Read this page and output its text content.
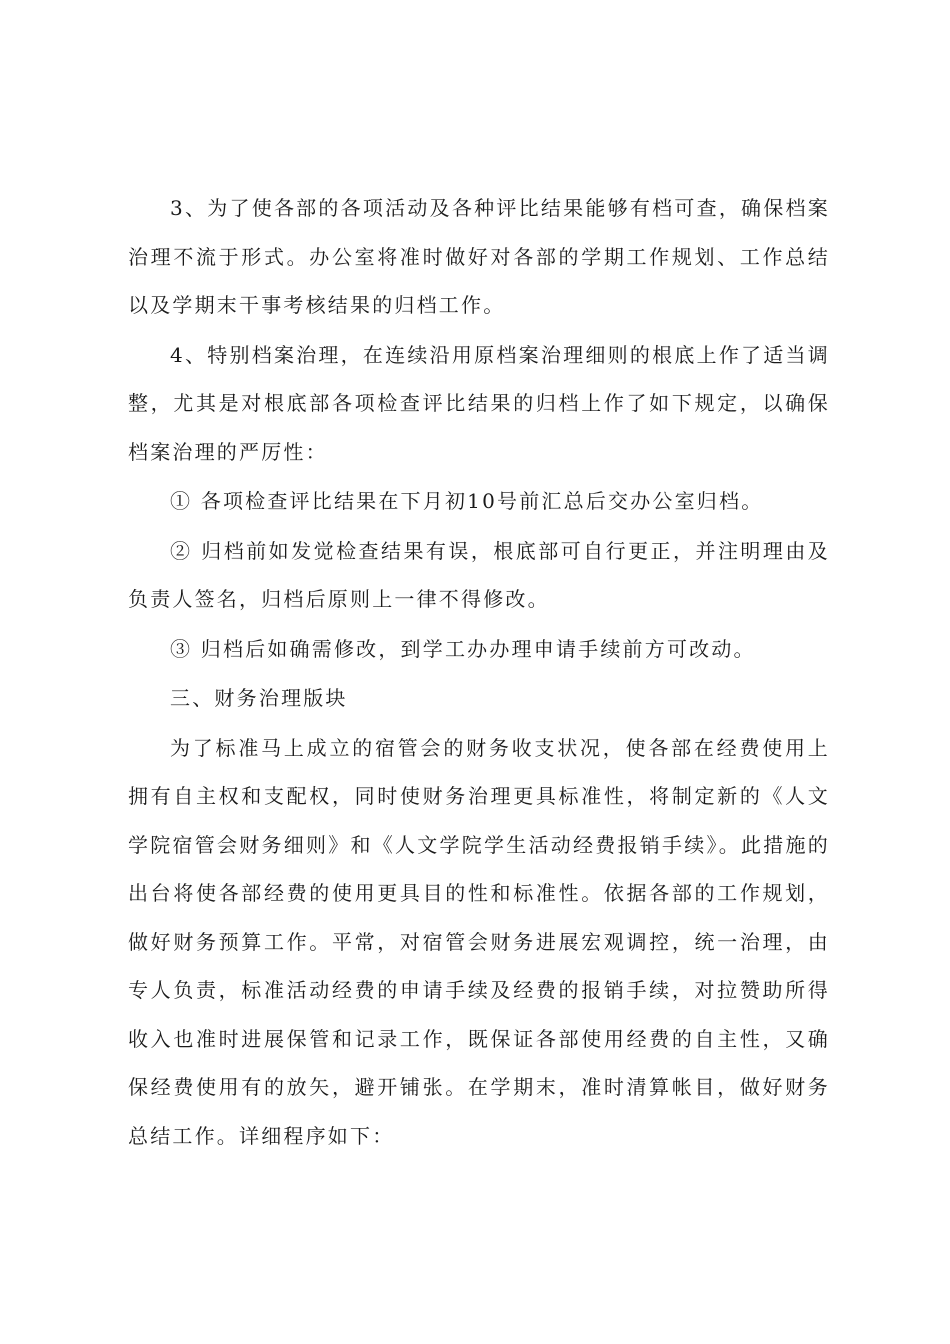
3、为了使各部的各项活动及各种评比结果能够有档可查，确保档案治理不流于形式。办公室将准时做好对各部的学期工作规划、工作总结以及学期末干事考核结果的归档工作。

4、特别档案治理，在连续沿用原档案治理细则的根底上作了适当调整，尤其是对根底部各项检查评比结果的归档上作了如下规定，以确保档案治理的严厉性：

① 各项检查评比结果在下月初10号前汇总后交办公室归档。

② 归档前如发觉检查结果有误，根底部可自行更正，并注明理由及负责人签名，归档后原则上一律不得修改。

③ 归档后如确需修改，到学工办办理申请手续前方可改动。

三、财务治理版块

为了标准马上成立的宿管会的财务收支状况，使各部在经费使用上拥有自主权和支配权，同时使财务治理更具标准性，将制定新的《人文学院宿管会财务细则》和《人文学院学生活动经费报销手续》。此措施的出台将使各部经费的使用更具目的性和标准性。依据各部的工作规划，做好财务预算工作。平常，对宿管会财务进展宏观调控，统一治理，由专人负责，标准活动经费的申请手续及经费的报销手续，对拉赞助所得收入也准时进展保管和记录工作，既保证各部使用经费的自主性，又确保经费使用有的放矢，避开铺张。在学期末，准时清算帐目，做好财务总结工作。详细程序如下：
